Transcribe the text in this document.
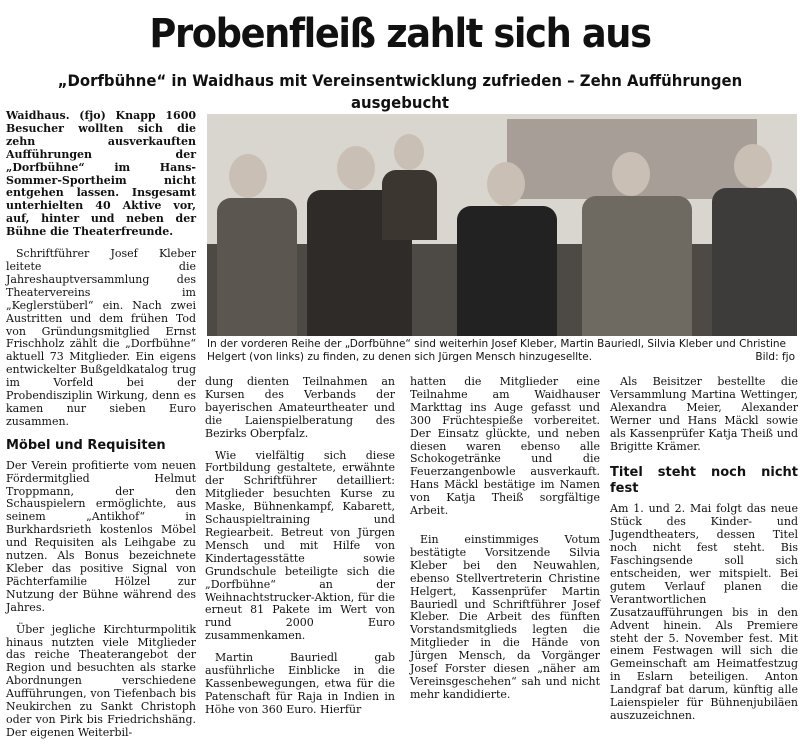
Probenfleiß zahlt sich aus
„Dorfbühne“ in Waidhaus mit Vereinsentwicklung zufrieden – Zehn Aufführungen ausgebucht

Waidhaus. (fjo) Knapp 1600 Besucher wollten sich die zehn ausverkauften Aufführungen der „Dorfbühne“ im Hans-Sommer-Sportheim nicht entgehen lassen. Insgesamt unterhielten 40 Aktive vor, auf, hinter und neben der Bühne die Theaterfreunde.

Schriftführer Josef Kleber leitete die Jahreshauptversammlung des Theatervereins im „Keglerstüberl“ ein. Nach zwei Austritten und dem frühen Tod von Gründungsmitglied Ernst Frischholz zählt die „Dorfbühne“ aktuell 73 Mitglieder. Ein eigens entwickelter Bußgeldkatalog trug im Vorfeld bei der Probendisziplin Wirkung, denn es kamen nur sieben Euro zusammen.

Möbel und Requisiten

Der Verein profitierte vom neuen Fördermitglied Helmut Troppmann, der den Schauspielern ermöglichte, aus seinem „Antikhof“ in Burkhardsrieth kostenlos Möbel und Requisiten als Leihgabe zu nutzen. Als Bonus bezeichnete Kleber das positive Signal von Pächterfamilie Hölzel zur Nutzung der Bühne während des Jahres.

Über jegliche Kirchturmpolitik hinaus nutzten viele Mitglieder das reiche Theaterangebot der Region und besuchten als starke Abordnungen verschiedene Aufführungen, von Tiefenbach bis Neukirchen zu Sankt Christoph oder von Pirk bis Friedrichshäng. Der eigenen Weiterbil-

In der vorderen Reihe der „Dorfbühne“ sind weiterhin Josef Kleber, Martin Bauriedl, Silvia Kleber und Christine Helgert (von links) zu finden, zu denen sich Jürgen Mensch hinzugesellte.	Bild: fjo

dung dienten Teilnahmen an Kursen des Verbands der bayerischen Amateurtheater und die Laienspielberatung des Bezirks Oberpfalz.

Wie vielfältig sich diese Fortbildung gestaltete, erwähnte der Schriftführer detailliert: Mitglieder besuchten Kurse zu Maske, Bühnenkampf, Kabarett, Schauspieltraining und Regiearbeit. Betreut von Jürgen Mensch und mit Hilfe von Kindertagesstätte sowie Grundschule beteiligte sich die „Dorfbühne“ an der Weihnachtstrucker-Aktion, für die erneut 81 Pakete im Wert von rund 2000 Euro zusammenkamen.

Martin Bauriedl gab ausführliche Einblicke in die Kassenbewegungen, etwa für die Patenschaft für Raja in Indien in Höhe von 360 Euro. Hierfür

hatten die Mitglieder eine Teilnahme am Waidhauser Markttag ins Auge gefasst und 300 Früchtespieße vorbereitet. Der Einsatz glückte, und neben diesen waren ebenso alle Schokogetränke und die Feuerzangenbowle ausverkauft. Hans Mäckl bestätige im Namen von Katja Theiß sorgfältige Arbeit.

Ein einstimmiges Votum bestätigte Vorsitzende Silvia Kleber bei den Neuwahlen, ebenso Stellvertreterin Christine Helgert, Kassenprüfer Martin Bauriedl und Schriftführer Josef Kleber. Die Arbeit des fünften Vorstandsmitglieds legten die Mitglieder in die Hände von Jürgen Mensch, da Vorgänger Josef Forster diesen „näher am Vereinsgeschehen“ sah und nicht mehr kandidierte.

Als Beisitzer bestellte die Versammlung Martina Wettinger, Alexandra Meier, Alexander Werner und Hans Mäckl sowie als Kassenprüfer Katja Theiß und Brigitte Krämer.

Titel steht noch nicht fest

Am 1. und 2. Mai folgt das neue Stück des Kinder- und Jugendtheaters, dessen Titel noch nicht fest steht. Bis Faschingsende soll sich entscheiden, wer mitspielt. Bei gutem Verlauf planen die Verantwortlichen Zusatzaufführungen bis in den Advent hinein. Als Premiere steht der 5. November fest. Mit einem Festwagen will sich die Gemeinschaft am Heimatfestzug in Eslarn beteiligen. Anton Landgraf bat darum, künftig alle Laienspieler für Bühnenjubiläen auszuzeichnen.
